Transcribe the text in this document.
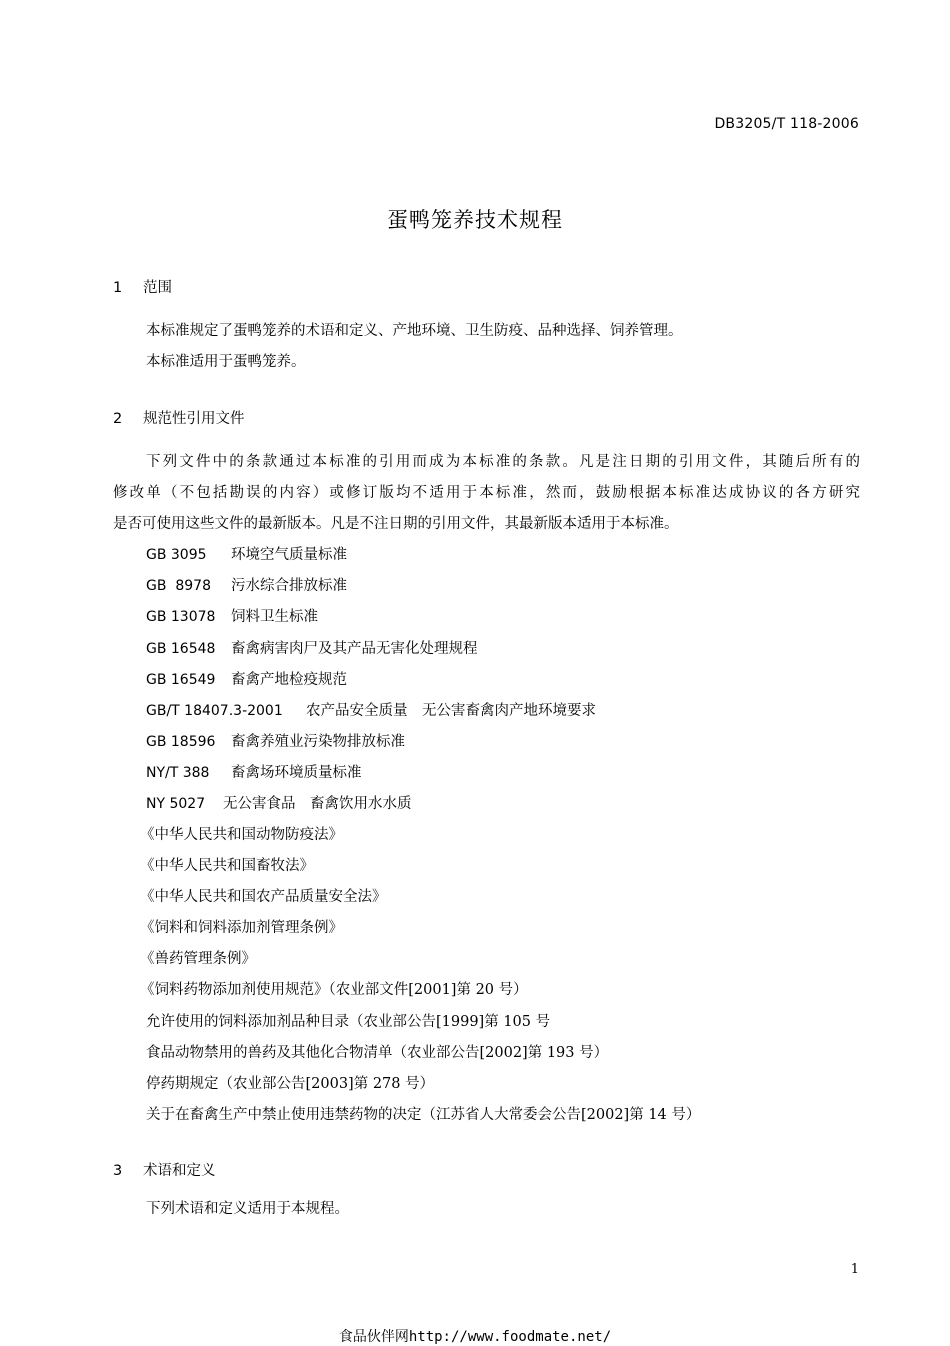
DB3205/T 118-2006
蛋鸭笼养技术规程
1 范围
本标准规定了蛋鸭笼养的术语和定义、产地环境、卫生防疫、品种选择、饲养管理。
本标准适用于蛋鸭笼养。
2 规范性引用文件
下列文件中的条款通过本标准的引用而成为本标准的条款。凡是注日期的引用文件，其随后所有的
修改单（不包括勘误的内容）或修订版均不适用于本标准，然而，鼓励根据本标准达成协议的各方研究
是否可使用这些文件的最新版本。凡是不注日期的引用文件，其最新版本适用于本标准。
GB 3095 环境空气质量标准
GB  8978 污水综合排放标准
GB 13078 饲料卫生标准
GB 16548 畜禽病害肉尸及其产品无害化处理规程
GB 16549 畜禽产地检疫规范
GB/T 18407.3-2001 农产品安全质量　无公害畜禽肉产地环境要求
GB 18596 畜禽养殖业污染物排放标准
NY/T 388 畜禽场环境质量标准
NY 5027 无公害食品　畜禽饮用水水质
《中华人民共和国动物防疫法》
《中华人民共和国畜牧法》
《中华人民共和国农产品质量安全法》
《饲料和饲料添加剂管理条例》
《兽药管理条例》
《饲料药物添加剂使用规范》（农业部文件[2001]第 20 号）
允许使用的饲料添加剂品种目录（农业部公告[1999]第 105 号
食品动物禁用的兽药及其他化合物清单（农业部公告[2002]第 193 号）
停药期规定（农业部公告[2003]第 278 号）
关于在畜禽生产中禁止使用违禁药物的决定（江苏省人大常委会公告[2002]第 14 号）
3 术语和定义
下列术语和定义适用于本规程。
1
食品伙伴网http://www.foodmate.net/
